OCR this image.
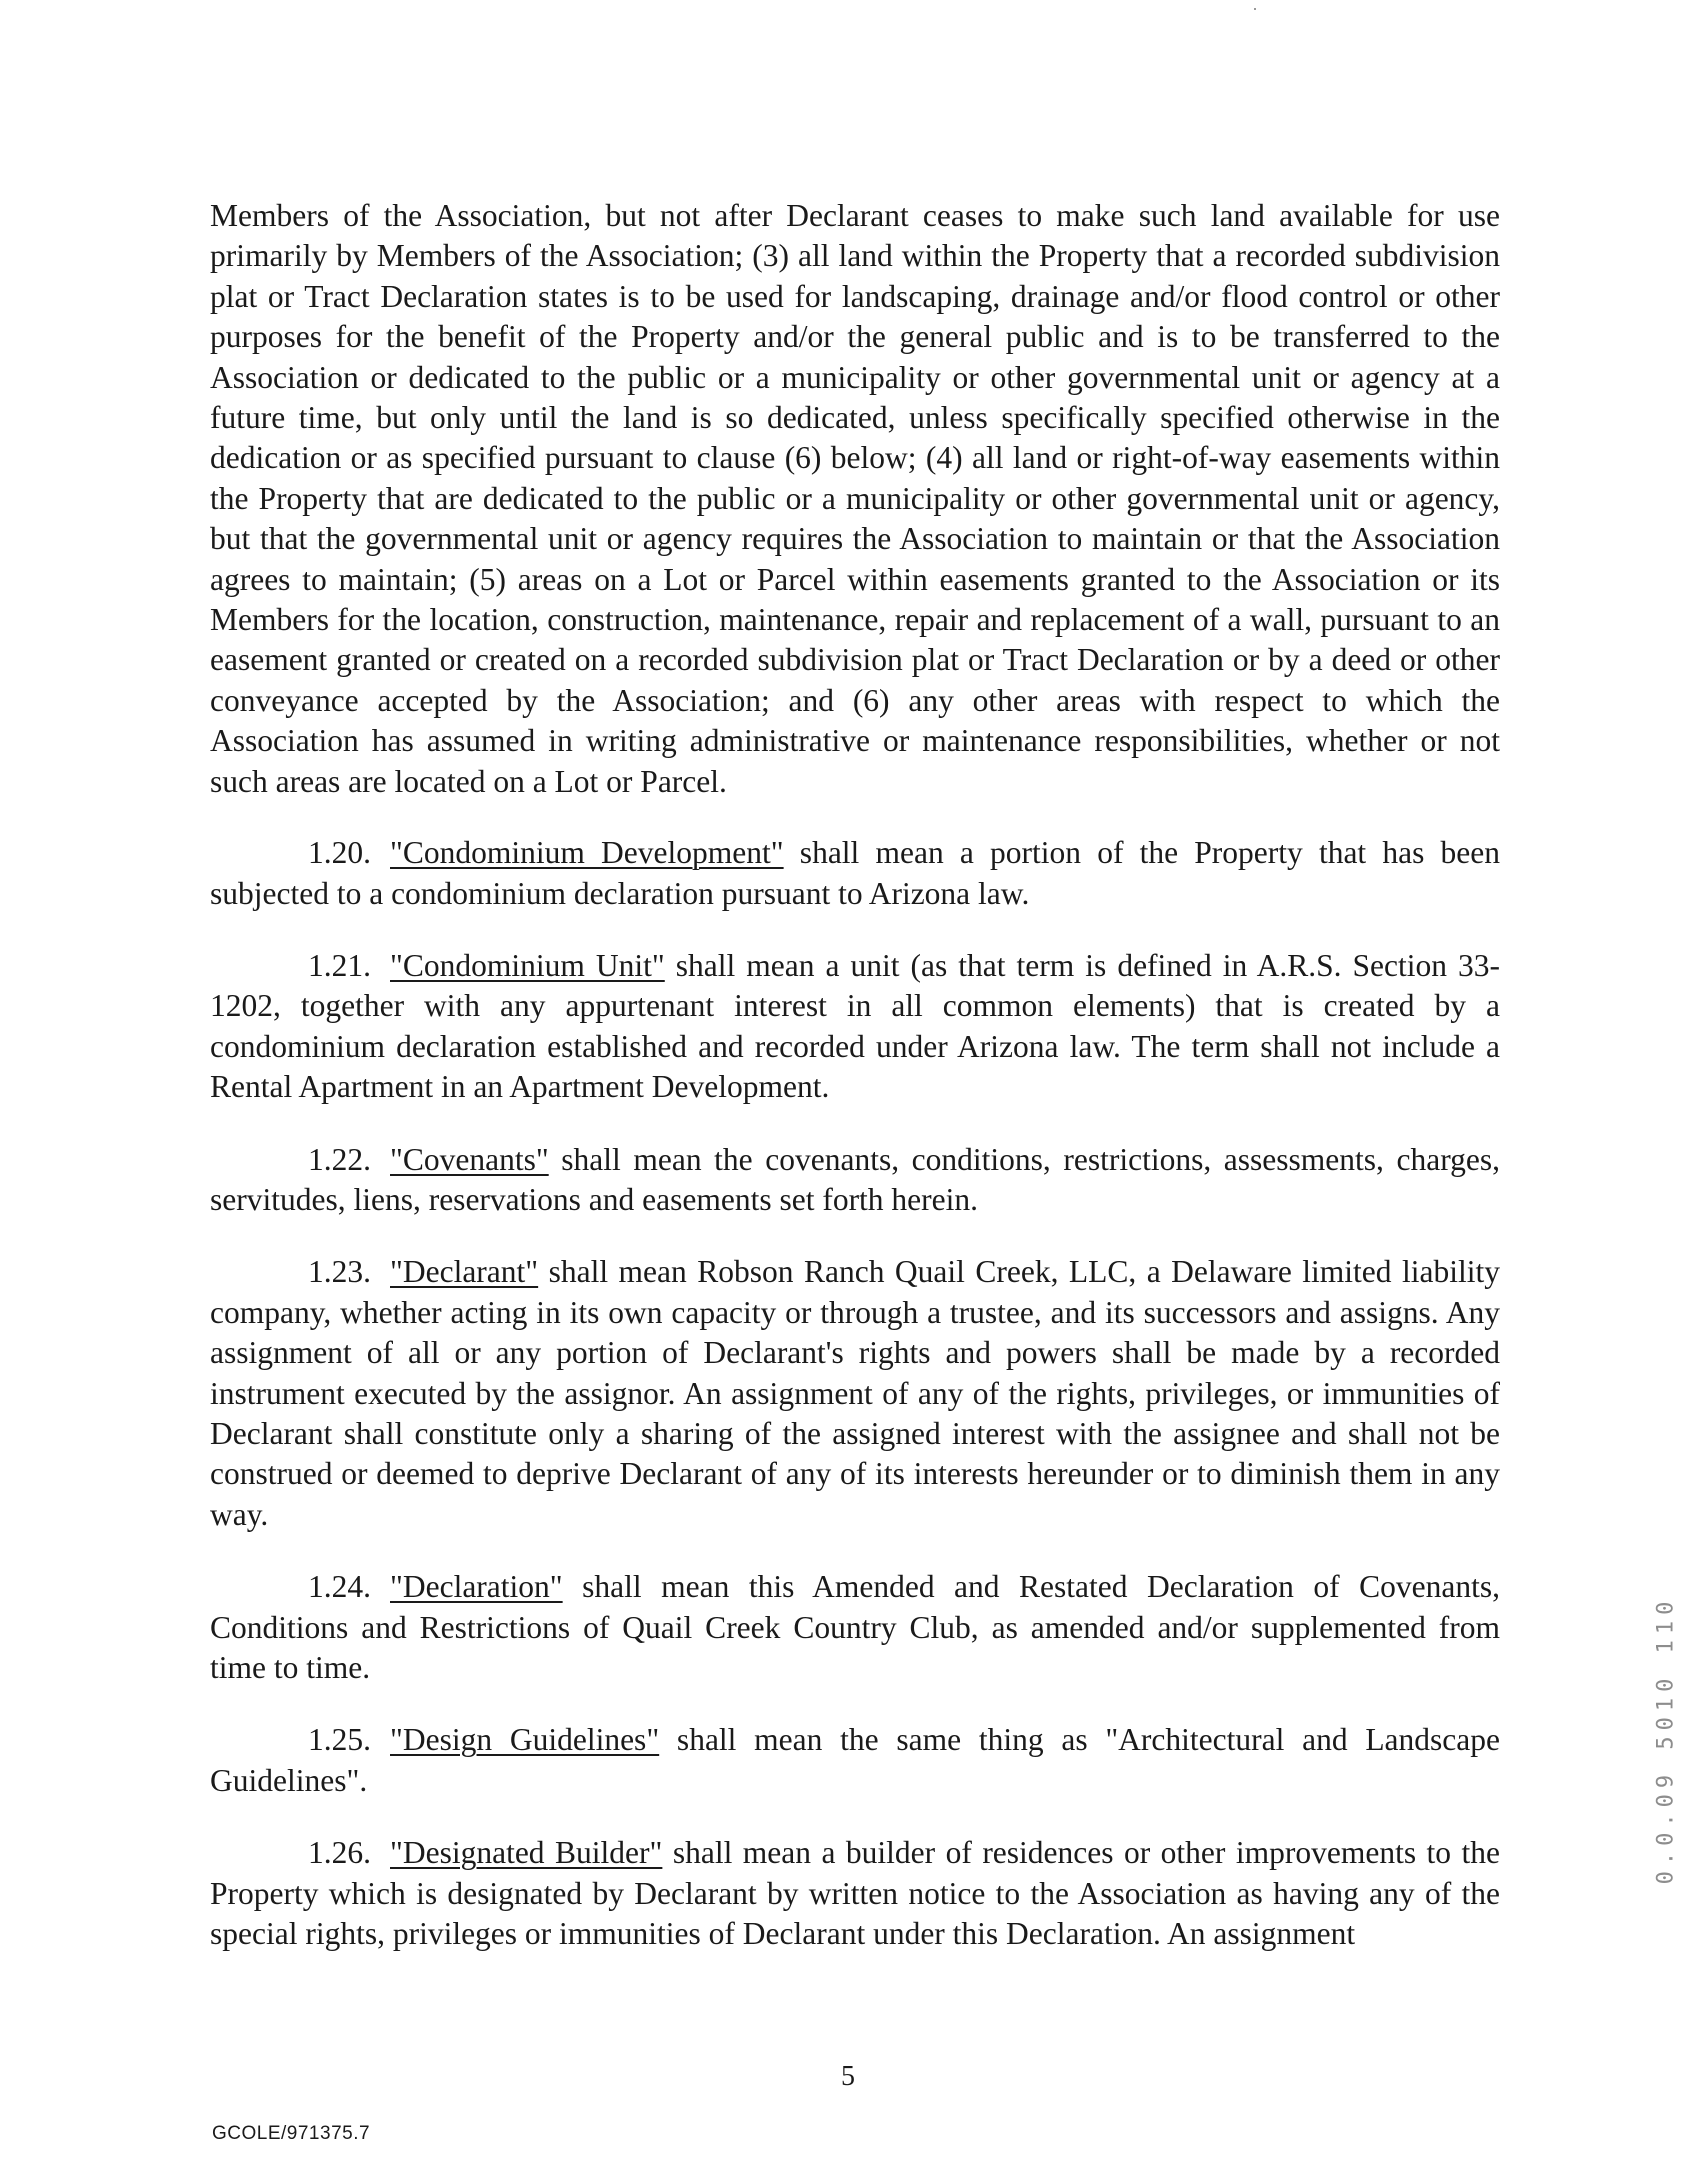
Members of the Association, but not after Declarant ceases to make such land available for use primarily by Members of the Association; (3) all land within the Property that a recorded subdivision plat or Tract Declaration states is to be used for landscaping, drainage and/or flood control or other purposes for the benefit of the Property and/or the general public and is to be transferred to the Association or dedicated to the public or a municipality or other governmental unit or agency at a future time, but only until the land is so dedicated, unless specifically specified otherwise in the dedication or as specified pursuant to clause (6) below; (4) all land or right-of-way easements within the Property that are dedicated to the public or a municipality or other governmental unit or agency, but that the governmental unit or agency requires the Association to maintain or that the Association agrees to maintain; (5) areas on a Lot or Parcel within easements granted to the Association or its Members for the location, construction, maintenance, repair and replacement of a wall, pursuant to an easement granted or created on a recorded subdivision plat or Tract Declaration or by a deed or other conveyance accepted by the Association; and (6) any other areas with respect to which the Association has assumed in writing administrative or maintenance responsibilities, whether or not such areas are located on a Lot or Parcel.

1.20. "Condominium Development" shall mean a portion of the Property that has been subjected to a condominium declaration pursuant to Arizona law.

1.21. "Condominium Unit" shall mean a unit (as that term is defined in A.R.S. Section 33-1202, together with any appurtenant interest in all common elements) that is created by a condominium declaration established and recorded under Arizona law. The term shall not include a Rental Apartment in an Apartment Development.

1.22. "Covenants" shall mean the covenants, conditions, restrictions, assessments, charges, servitudes, liens, reservations and easements set forth herein.

1.23. "Declarant" shall mean Robson Ranch Quail Creek, LLC, a Delaware limited liability company, whether acting in its own capacity or through a trustee, and its successors and assigns. Any assignment of all or any portion of Declarant's rights and powers shall be made by a recorded instrument executed by the assignor. An assignment of any of the rights, privileges, or immunities of Declarant shall constitute only a sharing of the assigned interest with the assignee and shall not be construed or deemed to deprive Declarant of any of its interests hereunder or to diminish them in any way.

1.24. "Declaration" shall mean this Amended and Restated Declaration of Covenants, Conditions and Restrictions of Quail Creek Country Club, as amended and/or supplemented from time to time.

1.25. "Design Guidelines" shall mean the same thing as "Architectural and Landscape Guidelines".

1.26. "Designated Builder" shall mean a builder of residences or other improvements to the Property which is designated by Declarant by written notice to the Association as having any of the special rights, privileges or immunities of Declarant under this Declaration. An assignment

0.0.09 5010 110
5
GCOLE/971375.7
